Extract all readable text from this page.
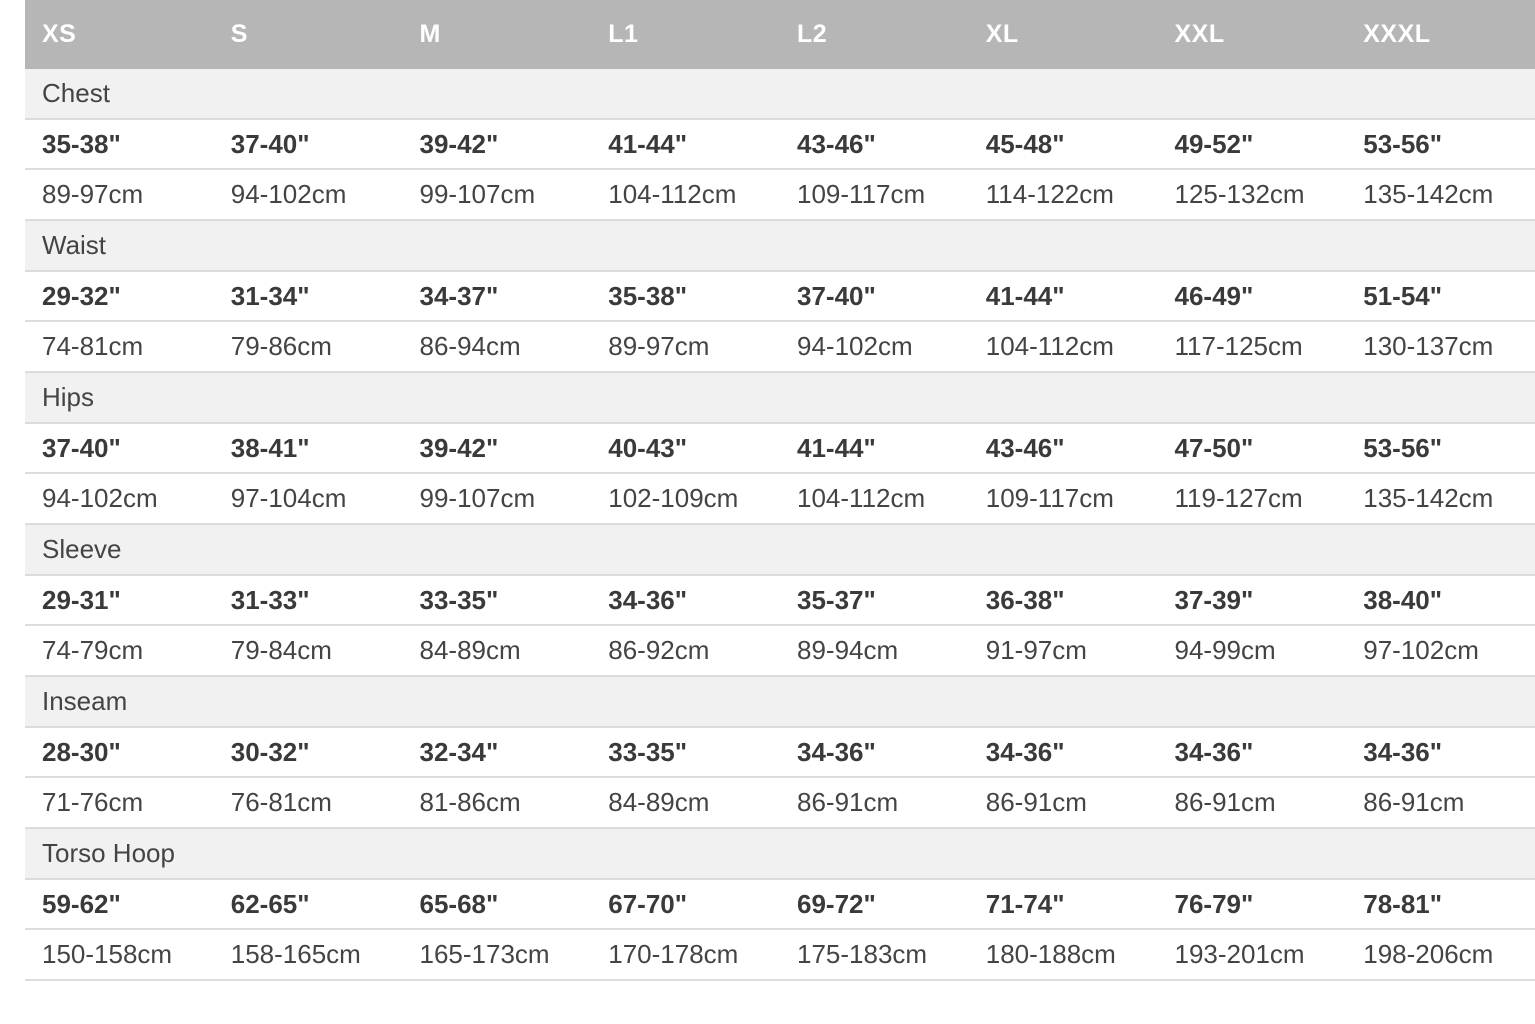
XS	S	M	L1	L2	XL	XXL	XXXL
Chest
35-38"	37-40"	39-42"	41-44"	43-46"	45-48"	49-52"	53-56"
89-97cm	94-102cm	99-107cm	104-112cm	109-117cm	114-122cm	125-132cm	135-142cm
Waist
29-32"	31-34"	34-37"	35-38"	37-40"	41-44"	46-49"	51-54"
74-81cm	79-86cm	86-94cm	89-97cm	94-102cm	104-112cm	117-125cm	130-137cm
Hips
37-40"	38-41"	39-42"	40-43"	41-44"	43-46"	47-50"	53-56"
94-102cm	97-104cm	99-107cm	102-109cm	104-112cm	109-117cm	119-127cm	135-142cm
Sleeve
29-31"	31-33"	33-35"	34-36"	35-37"	36-38"	37-39"	38-40"
74-79cm	79-84cm	84-89cm	86-92cm	89-94cm	91-97cm	94-99cm	97-102cm
Inseam
28-30"	30-32"	32-34"	33-35"	34-36"	34-36"	34-36"	34-36"
71-76cm	76-81cm	81-86cm	84-89cm	86-91cm	86-91cm	86-91cm	86-91cm
Torso Hoop
59-62"	62-65"	65-68"	67-70"	69-72"	71-74"	76-79"	78-81"
150-158cm	158-165cm	165-173cm	170-178cm	175-183cm	180-188cm	193-201cm	198-206cm
